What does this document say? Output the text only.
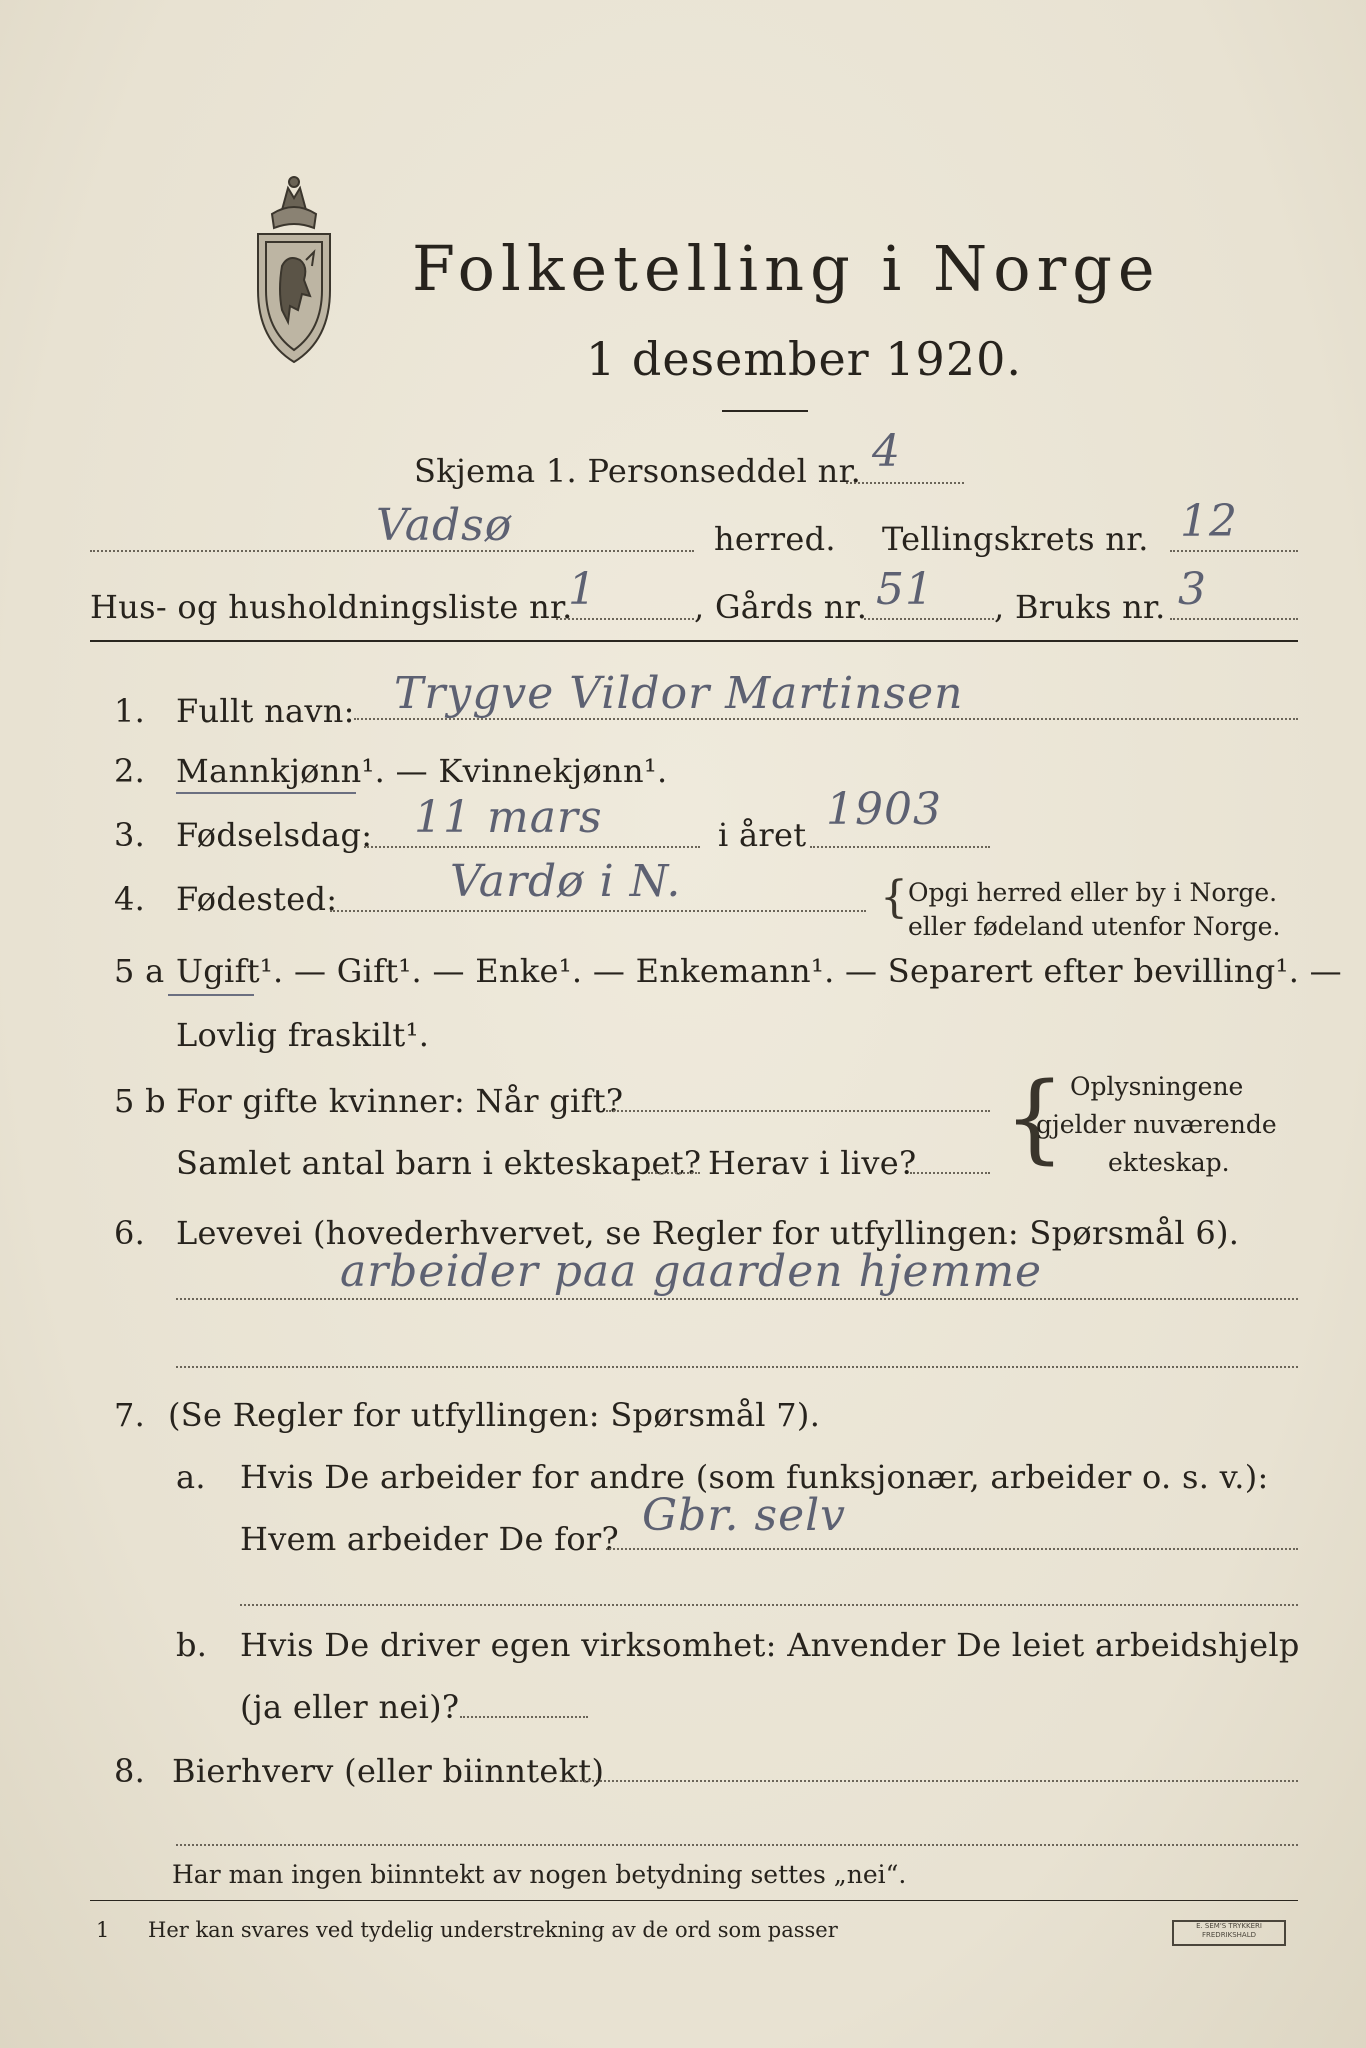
Folketelling i Norge
1 desember 1920.
Skjema 1. Personseddel nr. 4
Vadsø	herred. Tellingskrets nr. 12
Hus- og husholdningsliste nr.
1	, Gårds nr. 51 , Bruks nr. 3
1. Fullt navn: Trygve Vildor Martinsen
2. Mannkjønn¹. — Kvinnekjønn¹.
3. Fødselsdag: 11 mars	i året 1903
4. Fødested:	Vardø i N.	{ Opgi herred eller by i Norge.
eller fødeland utenfor Norge.
5 a Ugift¹. — Gift¹. — Enke¹. — Enkemann¹. — Separert efter bevilling¹. —
Lovlig fraskilt¹.
5 b For gifte kvinner: Når gift?
Samlet antal barn i ekteskapet? Herav i live? { Oplysningene
gjelder nuværende
ekteskap.
6. Levevei (hovederhvervet, se Regler for utfyllingen: Spørsmål 6).
arbeider paa gaarden hjemme
7. (Se Regler for utfyllingen: Spørsmål 7).
a. Hvis De arbeider for andre (som funksjonær, arbeider o. s. v.):
Hvem arbeider De for? Gbr. selv
b. Hvis De driver egen virksomhet: Anvender De leiet arbeidshjelp
(ja eller nei)?
8. Bierhverv (eller biinntekt)
Har man ingen biinntekt av nogen betydning settes „nei“.
1 Her kan svares ved tydelig understrekning av de ord som passer	E. SEM'S TRYKKERI FREDRIKSHALD
